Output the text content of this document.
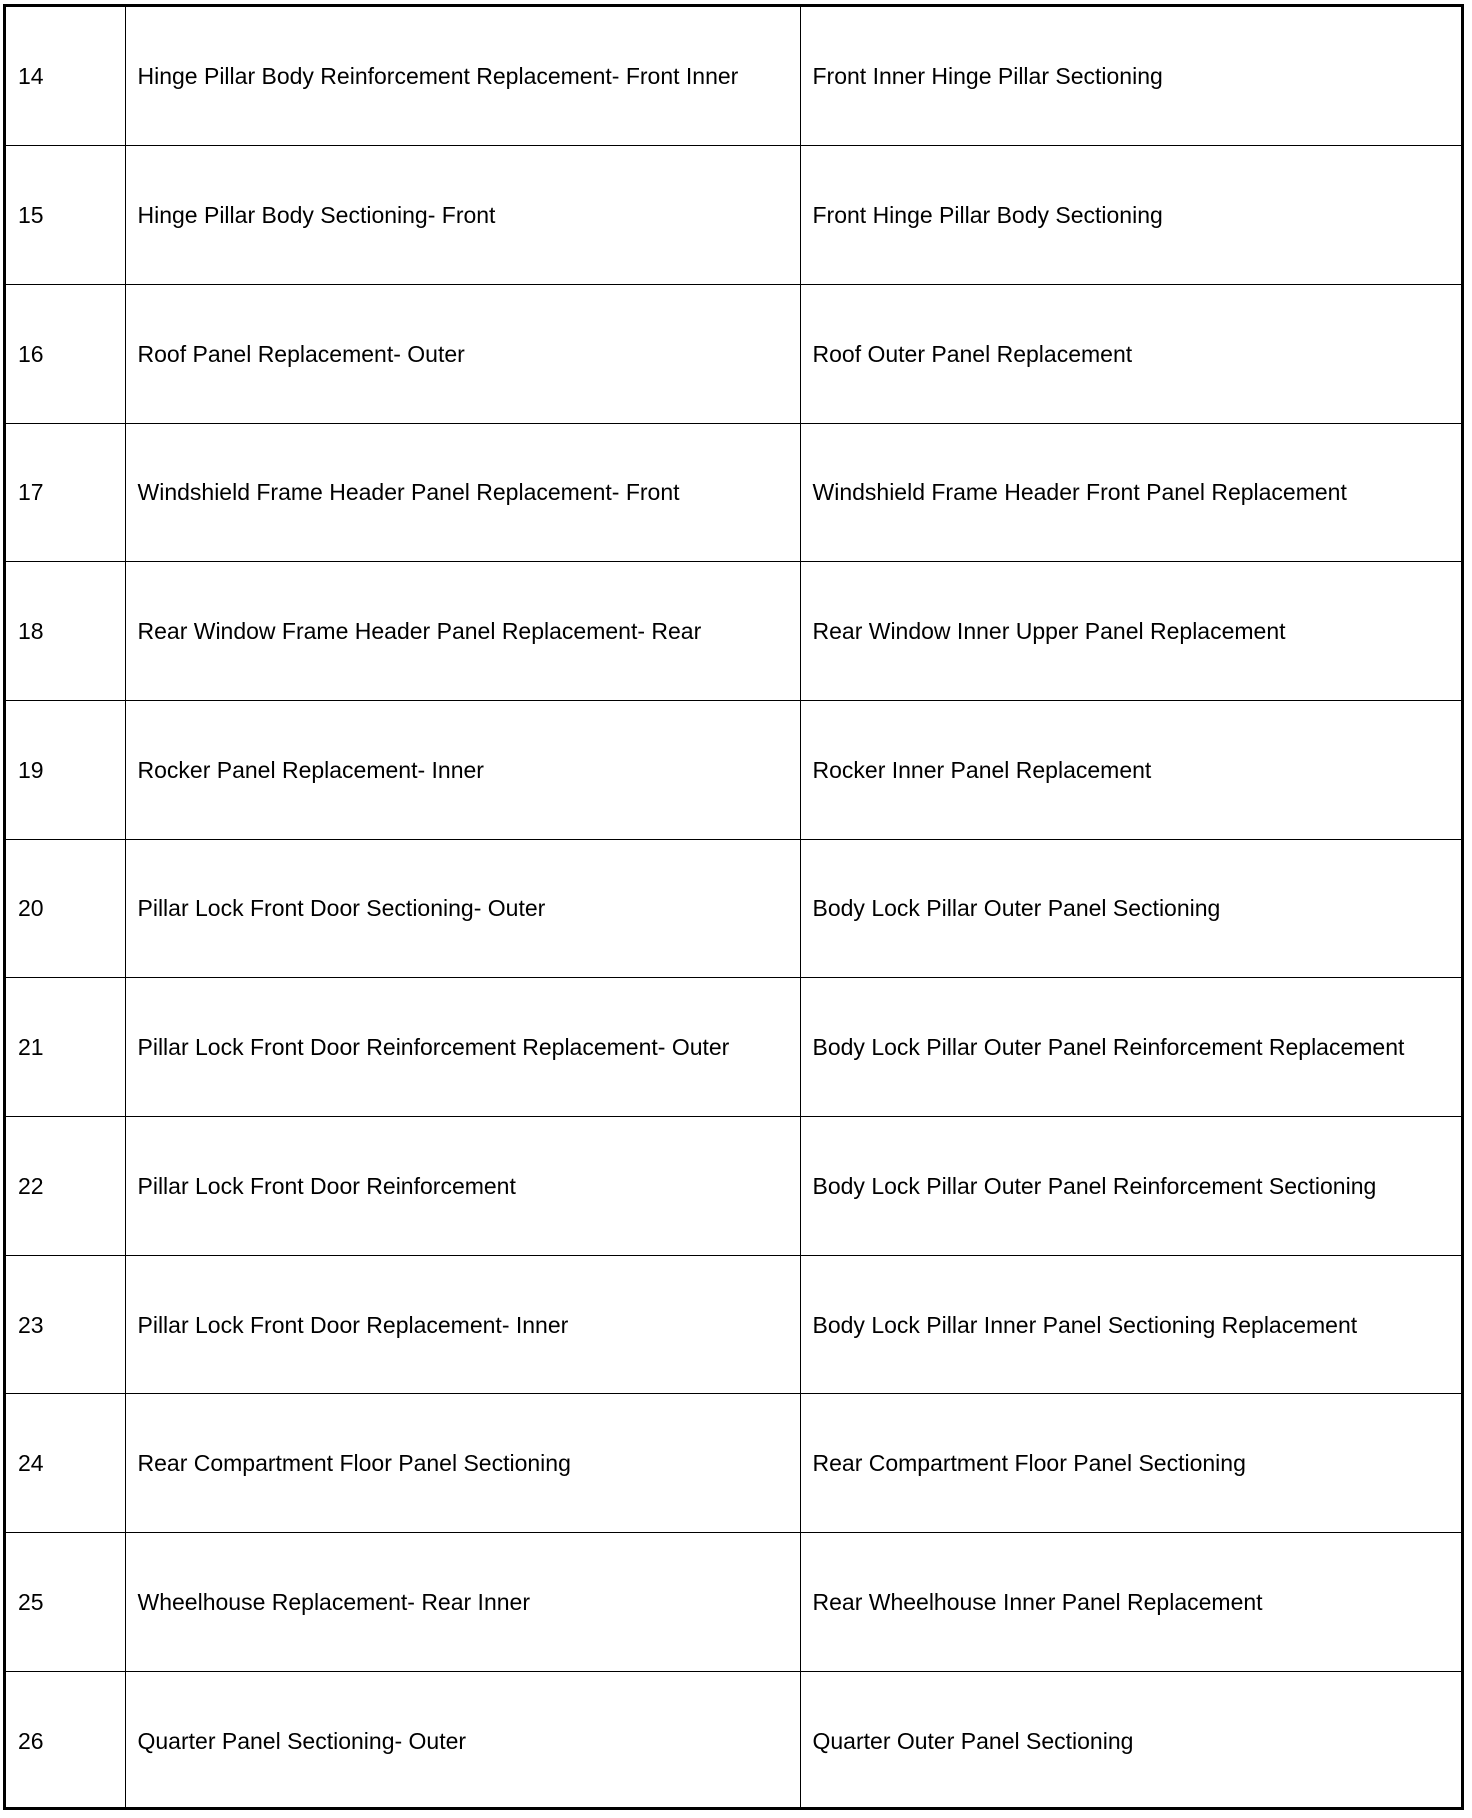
14	Hinge Pillar Body Reinforcement Replacement- Front Inner	Front Inner Hinge Pillar Sectioning
15	Hinge Pillar Body Sectioning- Front	Front Hinge Pillar Body Sectioning
16	Roof Panel Replacement- Outer	Roof Outer Panel Replacement
17	Windshield Frame Header Panel Replacement- Front	Windshield Frame Header Front Panel Replacement
18	Rear Window Frame Header Panel Replacement- Rear	Rear Window Inner Upper Panel Replacement
19	Rocker Panel Replacement- Inner	Rocker Inner Panel Replacement
20	Pillar Lock Front Door Sectioning- Outer	Body Lock Pillar Outer Panel Sectioning
21	Pillar Lock Front Door Reinforcement Replacement- Outer	Body Lock Pillar Outer Panel Reinforcement Replacement
22	Pillar Lock Front Door Reinforcement	Body Lock Pillar Outer Panel Reinforcement Sectioning
23	Pillar Lock Front Door Replacement- Inner	Body Lock Pillar Inner Panel Sectioning Replacement
24	Rear Compartment Floor Panel Sectioning	Rear Compartment Floor Panel Sectioning
25	Wheelhouse Replacement- Rear Inner	Rear Wheelhouse Inner Panel Replacement
26	Quarter Panel Sectioning- Outer	Quarter Outer Panel Sectioning
